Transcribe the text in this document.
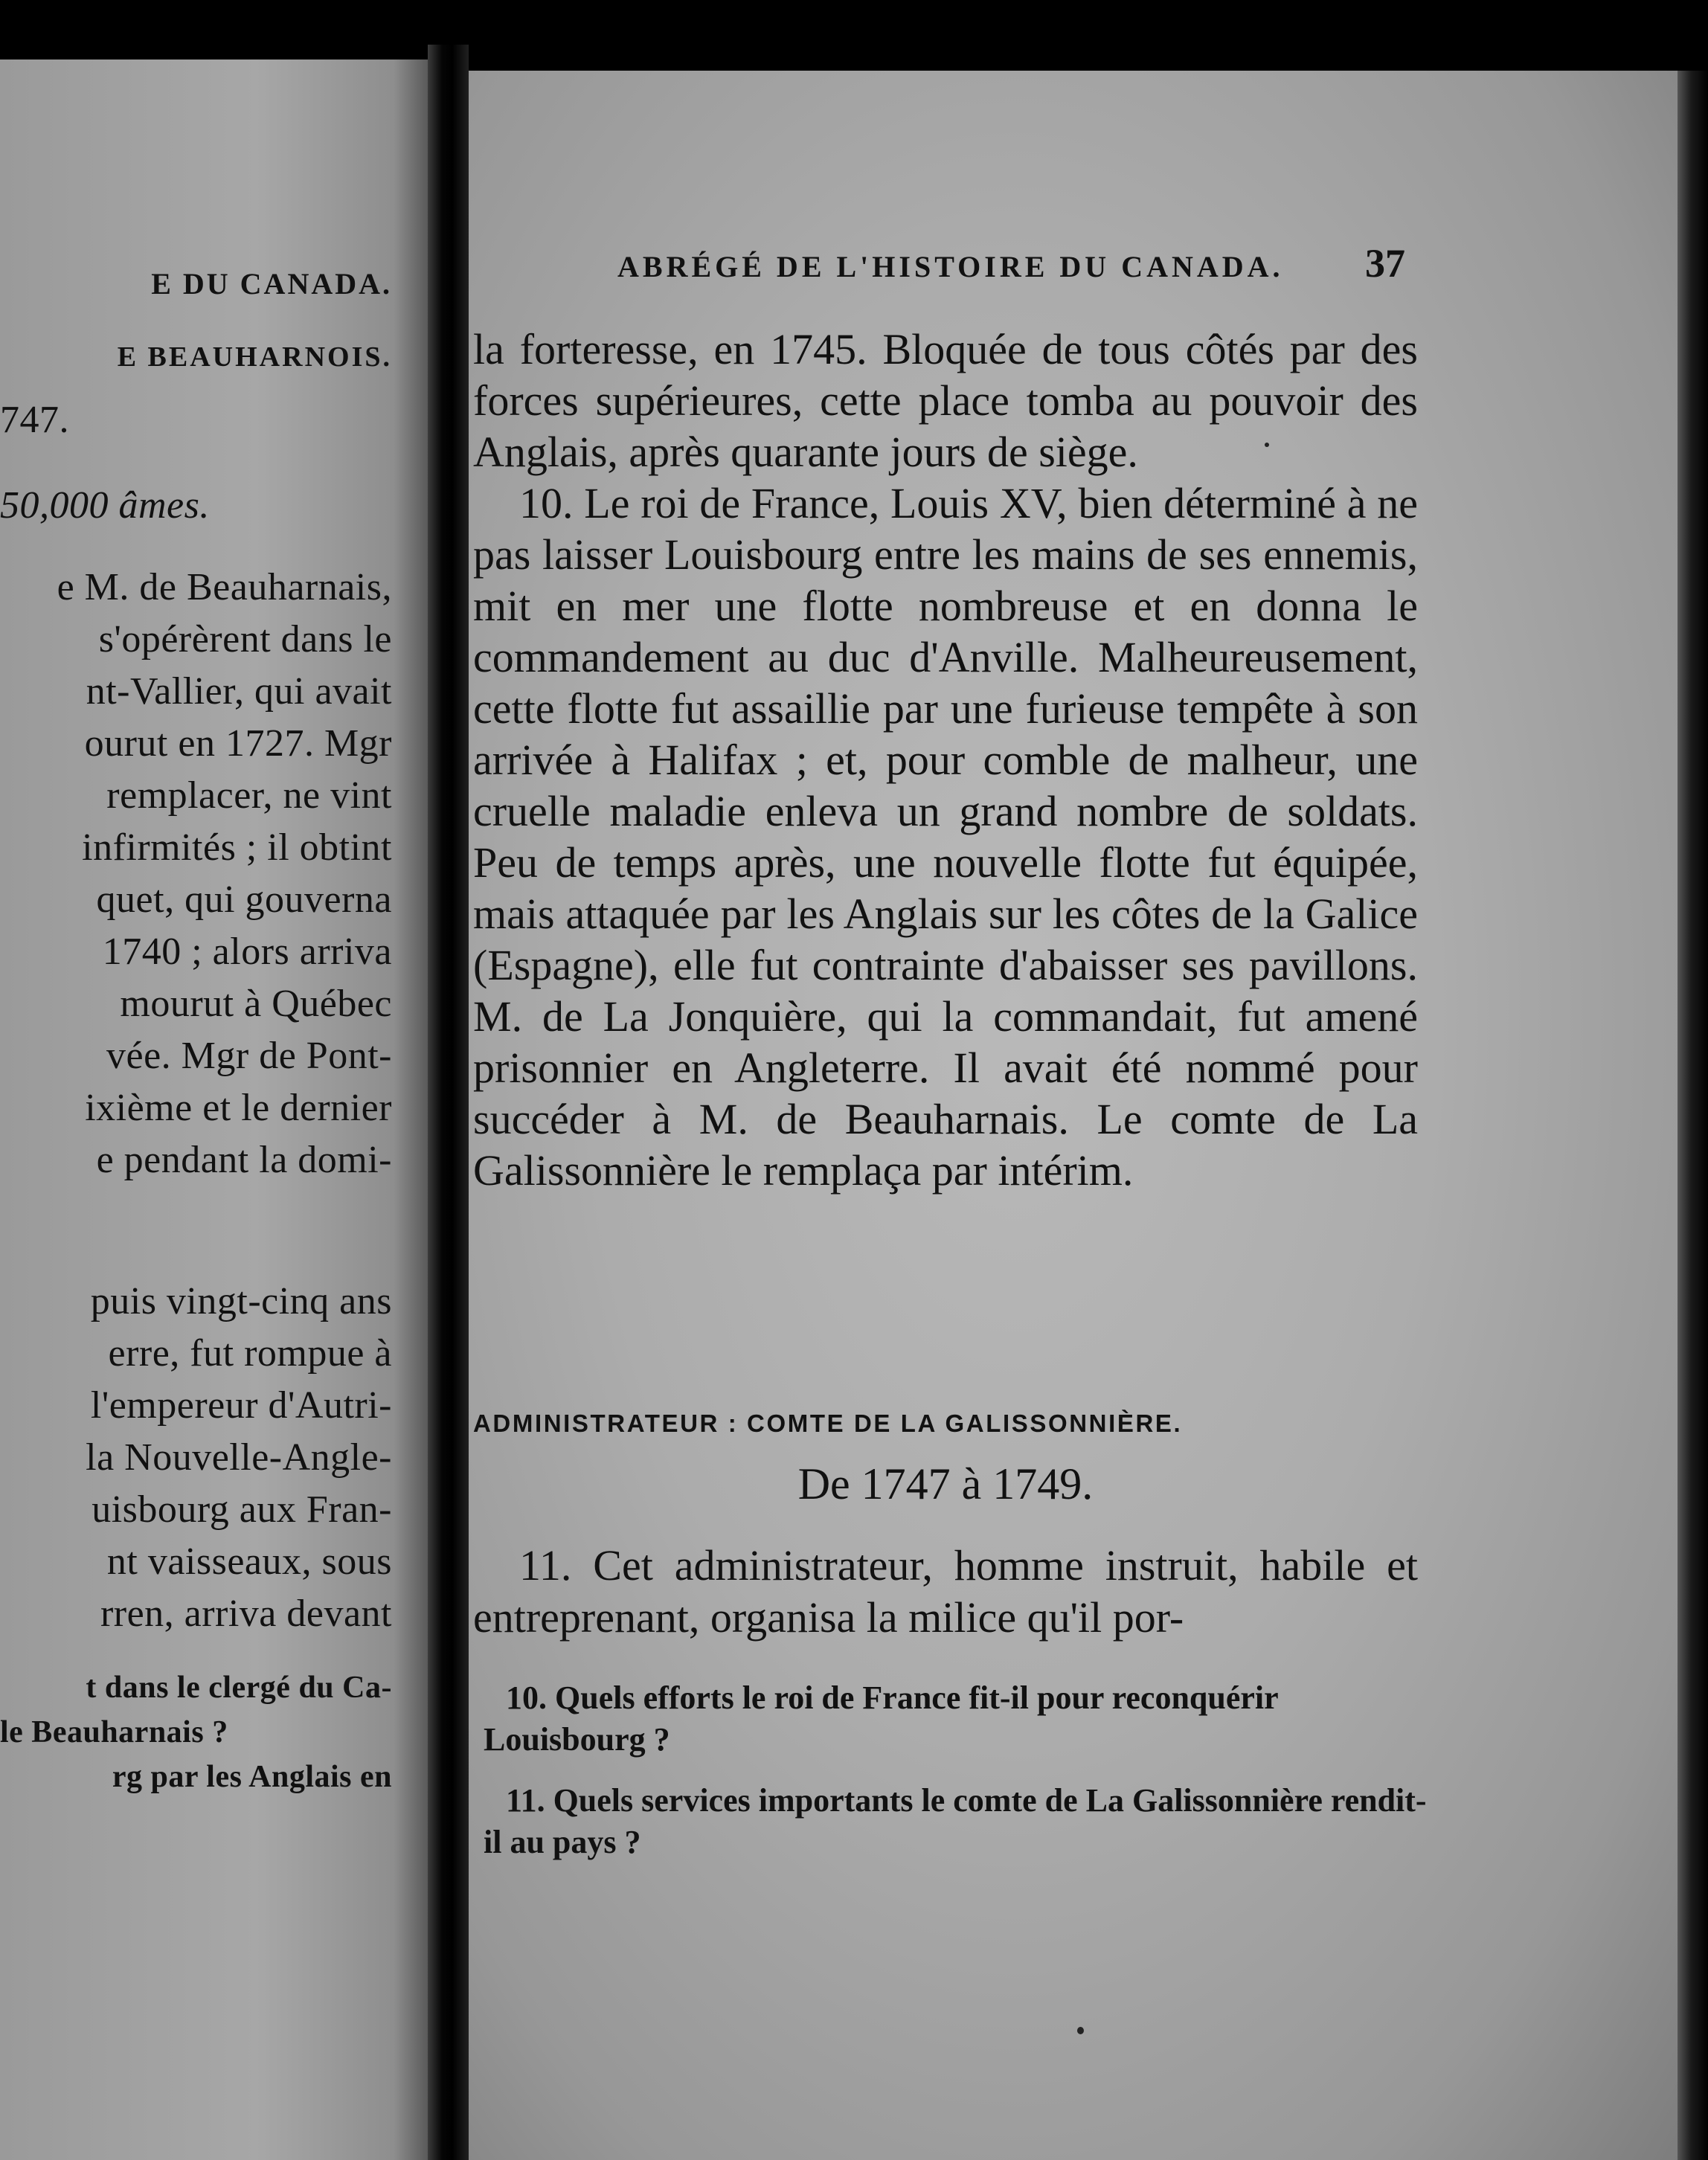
E DU CANADA.
E BEAUHARNOIS.
747.
50,000 âmes.
e M. de Beauharnais,
s'opérèrent dans le
nt-Vallier, qui avait
ourut en 1727. Mgr
remplacer, ne vint
infirmités ; il obtint
quet, qui gouverna
1740 ; alors arriva
mourut à Québec
vée. Mgr de Pont-
ixième et le dernier
e pendant la domi-
puis vingt-cinq ans
erre, fut rompue à
l'empereur d'Autri-
la Nouvelle-Angle-
uisbourg aux Fran-
nt vaisseaux, sous
rren, arriva devant
t dans le clergé du Ca-
le Beauharnais ?
rg par les Anglais en
ABRÉGÉ DE L'HISTOIRE DU CANADA.	37

la forteresse, en 1745. Bloquée de tous côtés par des forces supérieures, cette place tomba au pouvoir des Anglais, après quarante jours de siège.

10. Le roi de France, Louis XV, bien déterminé à ne pas laisser Louisbourg entre les mains de ses ennemis, mit en mer une flotte nombreuse et en donna le commandement au duc d'Anville. Malheureusement, cette flotte fut assaillie par une furieuse tempête à son arrivée à Halifax ; et, pour comble de malheur, une cruelle maladie enleva un grand nombre de soldats. Peu de temps après, une nouvelle flotte fut équipée, mais attaquée par les Anglais sur les côtes de la Galice (Espagne), elle fut contrainte d'abaisser ses pavillons. M. de La Jonquière, qui la commandait, fut amené prisonnier en Angleterre. Il avait été nommé pour succéder à M. de Beauharnais. Le comte de La Galissonnière le remplaça par intérim.

ADMINISTRATEUR : COMTE DE LA GALISSONNIÈRE.
De 1747 à 1749.

11. Cet administrateur, homme instruit, habile et entreprenant, organisa la milice qu'il por-

10. Quels efforts le roi de France fit-il pour reconquérir Louisbourg ?

11. Quels services importants le comte de La Galissonnière rendit-il au pays ?
